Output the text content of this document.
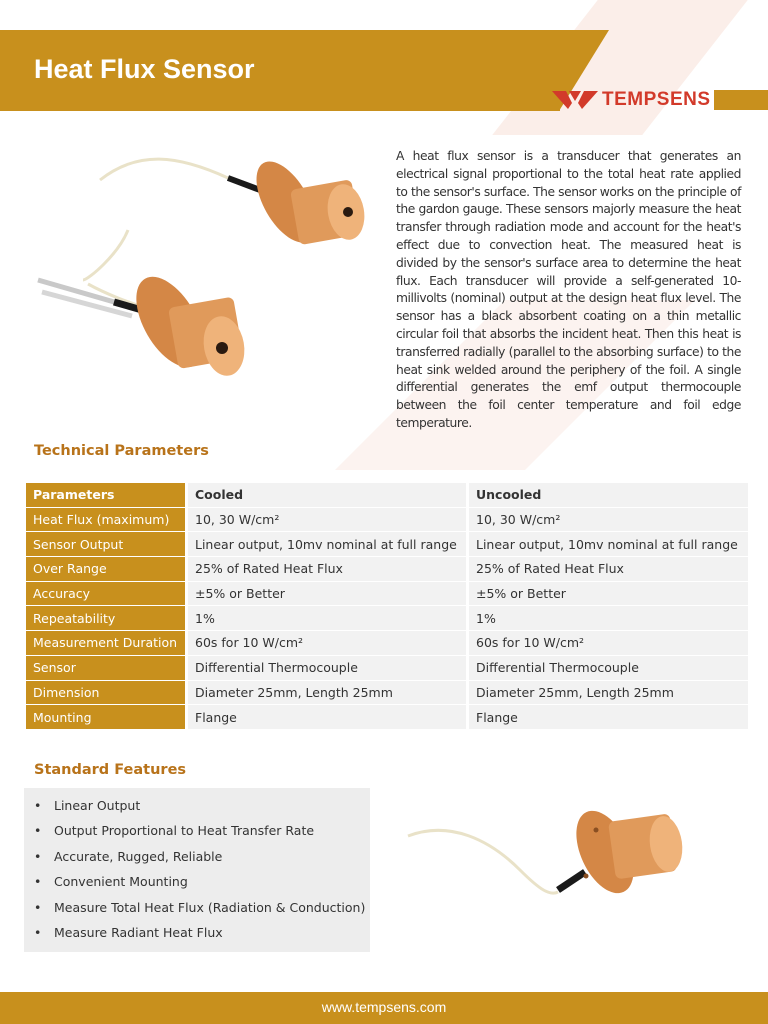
Heat Flux Sensor
TEMPSENS

A heat flux sensor is a transducer that generates an electrical signal proportional to the total heat rate applied to the sensor's surface. The sensor works on the principle of the gardon gauge. These sensors majorly measure the heat transfer through radiation mode and account for the heat's effect due to convection heat. The measured heat is divided by the sensor's surface area to determine the heat flux. Each transducer will provide a self-generated 10-millivolts (nominal) output at the design heat flux level. The sensor has a black absorbent coating on a thin metallic circular foil that absorbs the incident heat. Then this heat is transferred radially (parallel to the absorbing surface) to the heat sink welded around the periphery of the foil. A single differential generates the emf output thermocouple between the foil center temperature and foil edge temperature.

Technical Parameters
Parameters	Cooled	Uncooled
Heat Flux (maximum)	10, 30 W/cm²	10, 30 W/cm²
Sensor Output	Linear output, 10mv nominal at full range	Linear output, 10mv nominal at full range
Over Range	25% of Rated Heat Flux	25% of Rated Heat Flux
Accuracy	±5% or Better	±5% or Better
Repeatability	1%	1%
Measurement Duration	60s for 10 W/cm²	60s for 10 W/cm²
Sensor	Differential Thermocouple	Differential Thermocouple
Dimension	Diameter 25mm, Length 25mm	Diameter 25mm, Length 25mm
Mounting	Flange	Flange
Standard Features
•	Linear Output
•	Output Proportional to Heat Transfer Rate
•	Accurate, Rugged, Reliable
•	Convenient Mounting
•	Measure Total Heat Flux (Radiation & Conduction)
•	Measure Radiant Heat Flux
www.tempsens.com
